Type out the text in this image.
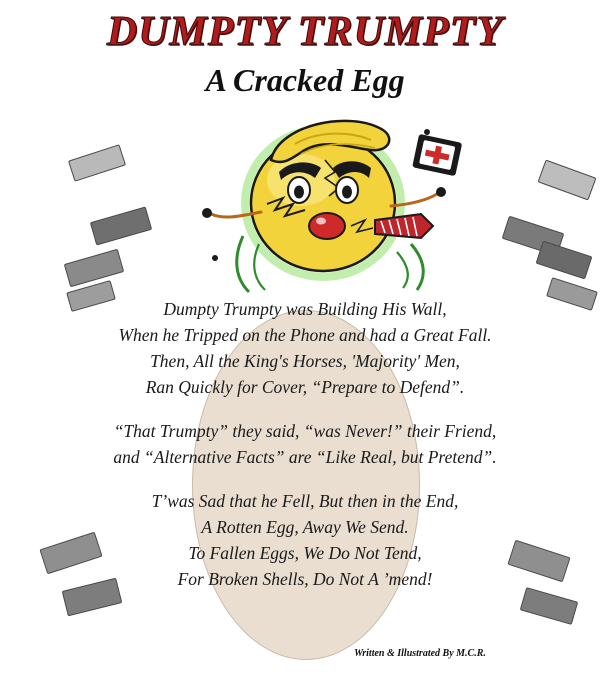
DUMPTY TRUMPTY
A Cracked Egg
Dumpty Trumpty was Building His Wall,
When he Tripped on the Phone and had a Great Fall.
Then, All the King's Horses, 'Majority' Men,
Ran Quickly for Cover, “Prepare to Defend”.
“That Trumpty” they said, “was Never!” their Friend,
and “Alternative Facts” are “Like Real, but Pretend”.
T’was Sad that he Fell, But then in the End,
A Rotten Egg, Away We Send.
To Fallen Eggs, We Do Not Tend,
For Broken Shells, Do Not A ’mend!
Written & Illustrated By M.C.R.
